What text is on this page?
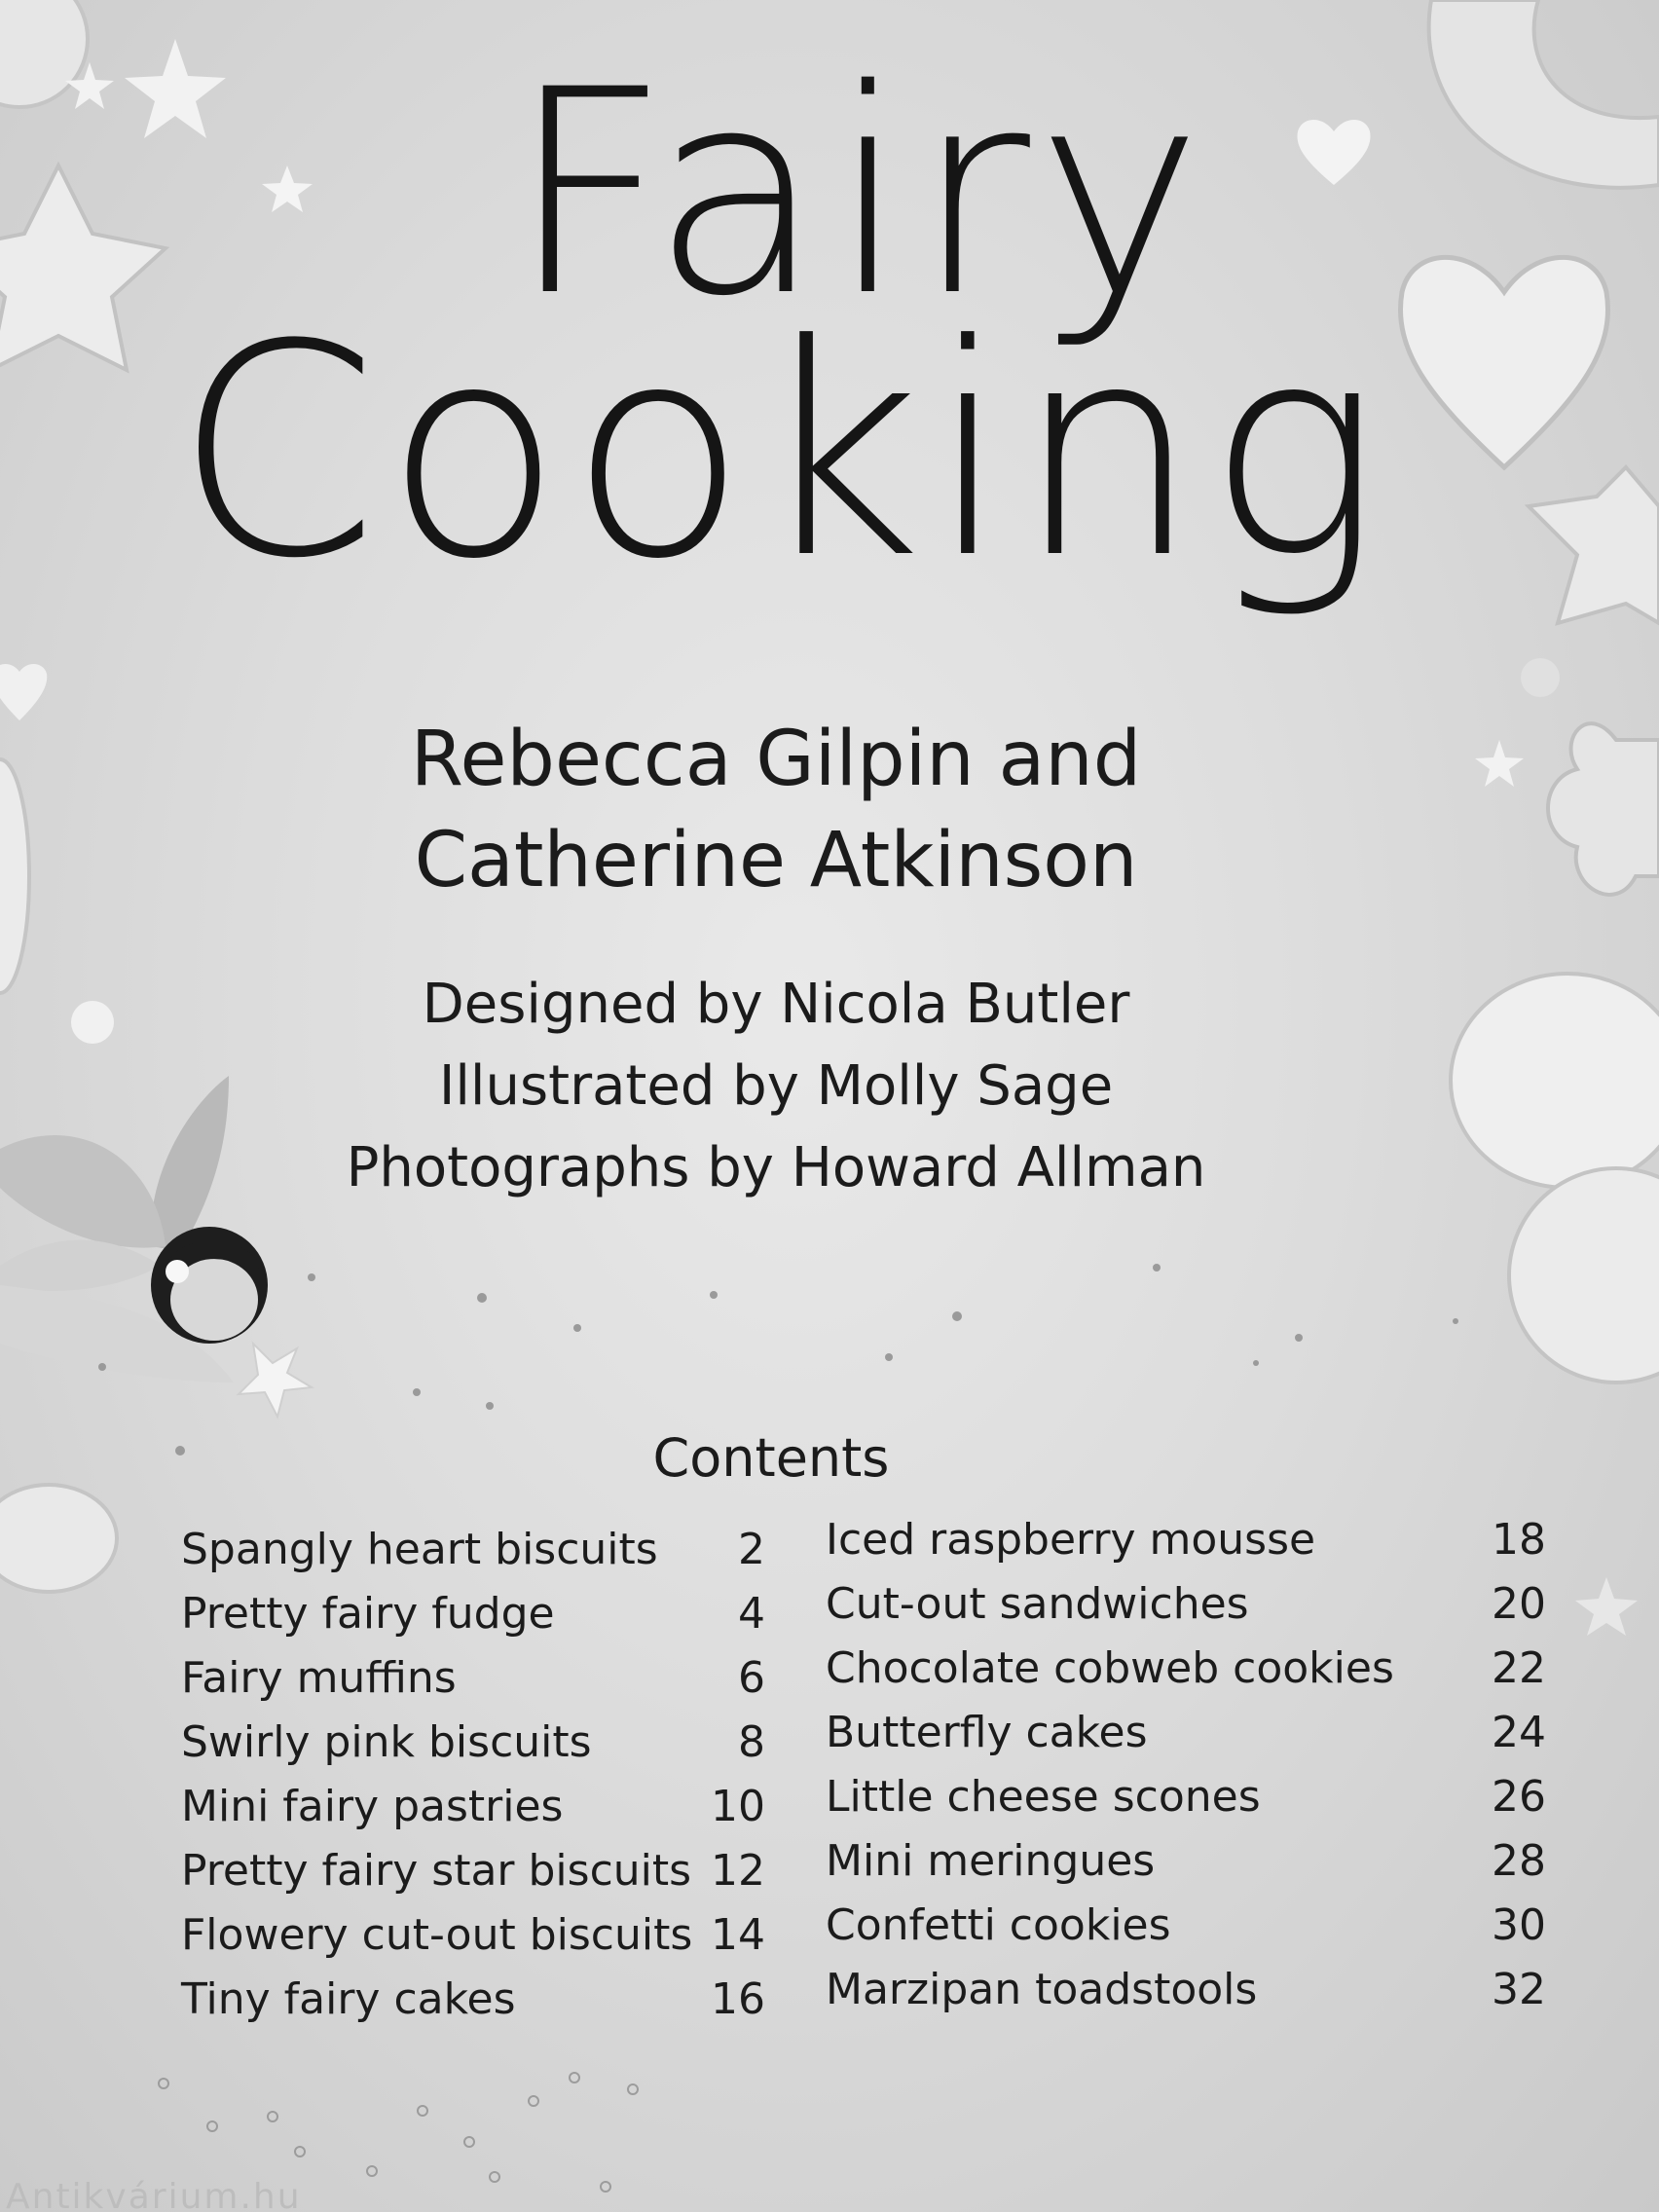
Fairy
Cooking
Rebecca Gilpin and
Catherine Atkinson
Designed by Nicola Butler
Illustrated by Molly Sage
Photographs by Howard Allman
Contents
Spangly heart biscuits	2
Pretty fairy fudge	4
Fairy muffins	6
Swirly pink biscuits	8
Mini fairy pastries	10
Pretty fairy star biscuits 12
Flowery cut-out biscuits 14
Tiny fairy cakes	16
Iced raspberry mousse	18
Cut-out sandwiches	20
Chocolate cobweb cookies 22
Butterfly cakes	24
Little cheese scones	26
Mini meringues	28
Confetti cookies	30
Marzipan toadstools	32
Antikvárium.hu
